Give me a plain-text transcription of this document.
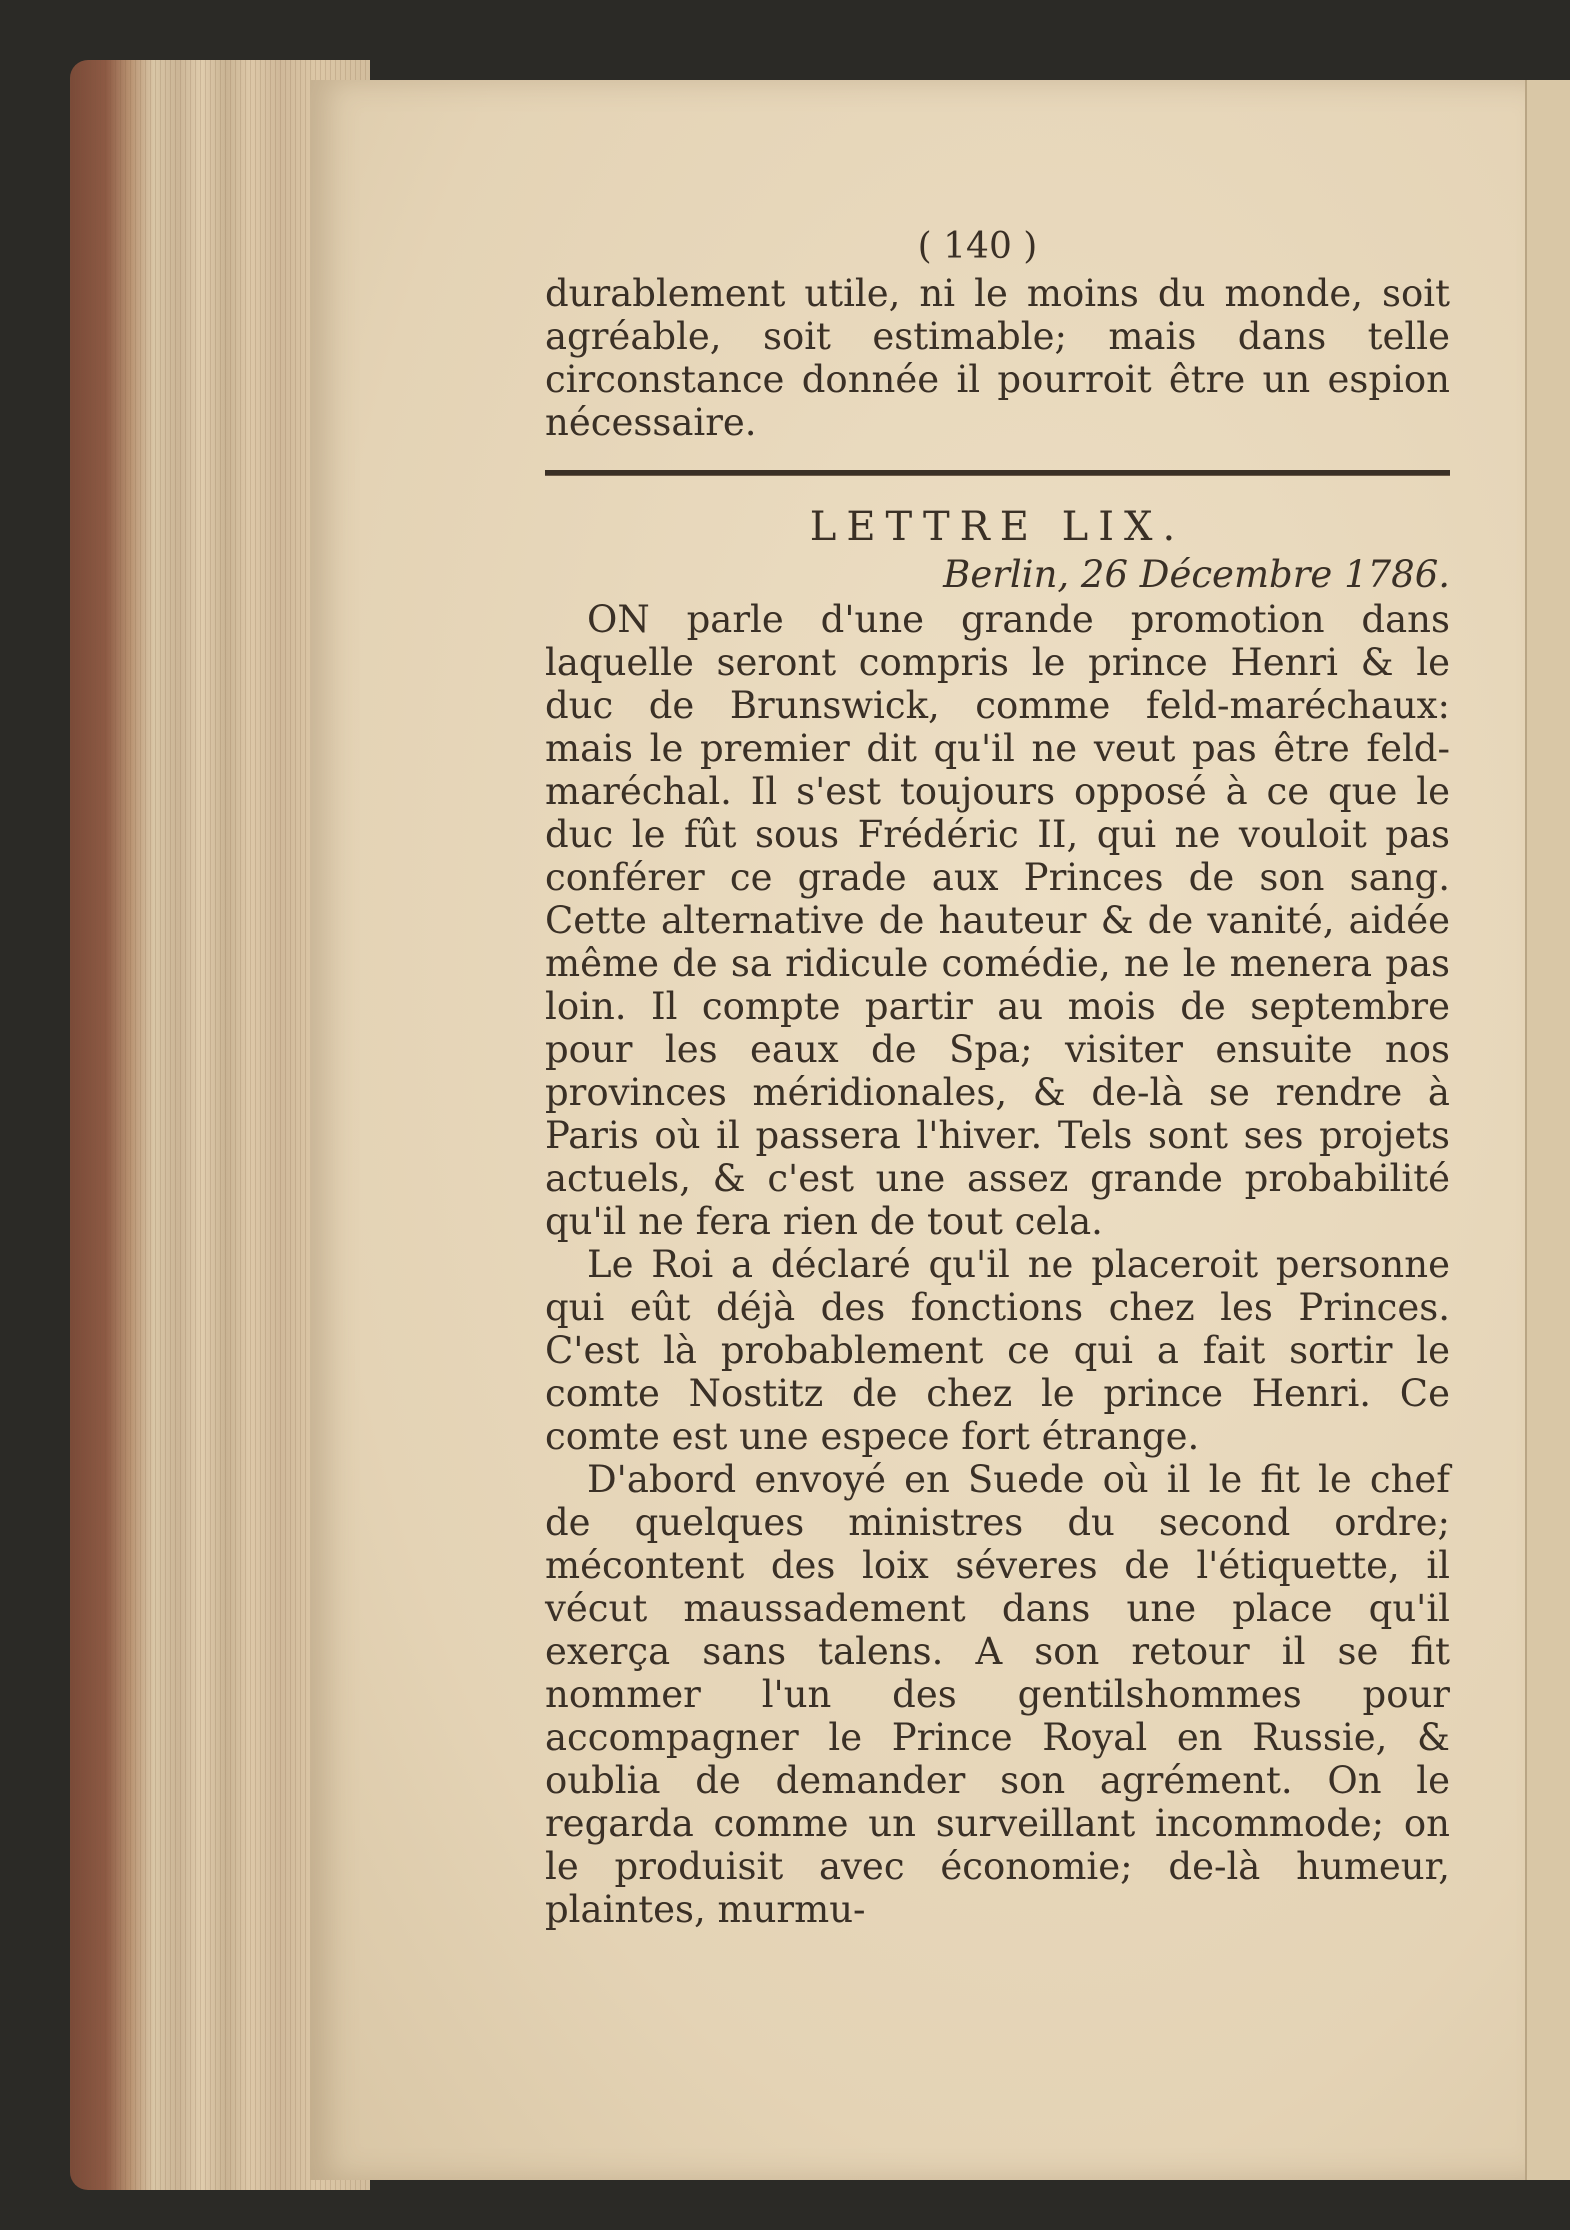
( 140 )

durablement utile, ni le moins du monde, soit agréable, soit estimable; mais dans telle circonstance donnée il pourroit être un espion nécessaire.

LETTRE LIX.
Berlin, 26 Décembre 1786.

ON parle d'une grande promotion dans laquelle seront compris le prince Henri & le duc de Brunswick, comme feld-maréchaux: mais le premier dit qu'il ne veut pas être feld-maréchal. Il s'est toujours opposé à ce que le duc le fût sous Frédéric II, qui ne vouloit pas conférer ce grade aux Princes de son sang. Cette alternative de hauteur & de vanité, aidée même de sa ridicule comédie, ne le menera pas loin. Il compte partir au mois de septembre pour les eaux de Spa; visiter ensuite nos provinces méridionales, & de-là se rendre à Paris où il passera l'hiver. Tels sont ses projets actuels, & c'est une assez grande probabilité qu'il ne fera rien de tout cela.

Le Roi a déclaré qu'il ne placeroit personne qui eût déjà des fonctions chez les Princes. C'est là probablement ce qui a fait sortir le comte Nostitz de chez le prince Henri. Ce comte est une espece fort étrange.

D'abord envoyé en Suede où il le fit le chef de quelques ministres du second ordre; mécontent des loix séveres de l'étiquette, il vécut maussadement dans une place qu'il exerça sans talens. A son retour il se fit nommer l'un des gentilshommes pour accompagner le Prince Royal en Russie, & oublia de demander son agrément. On le regarda comme un surveillant incommode; on le produisit avec économie; de-là humeur, plaintes, murmu-
